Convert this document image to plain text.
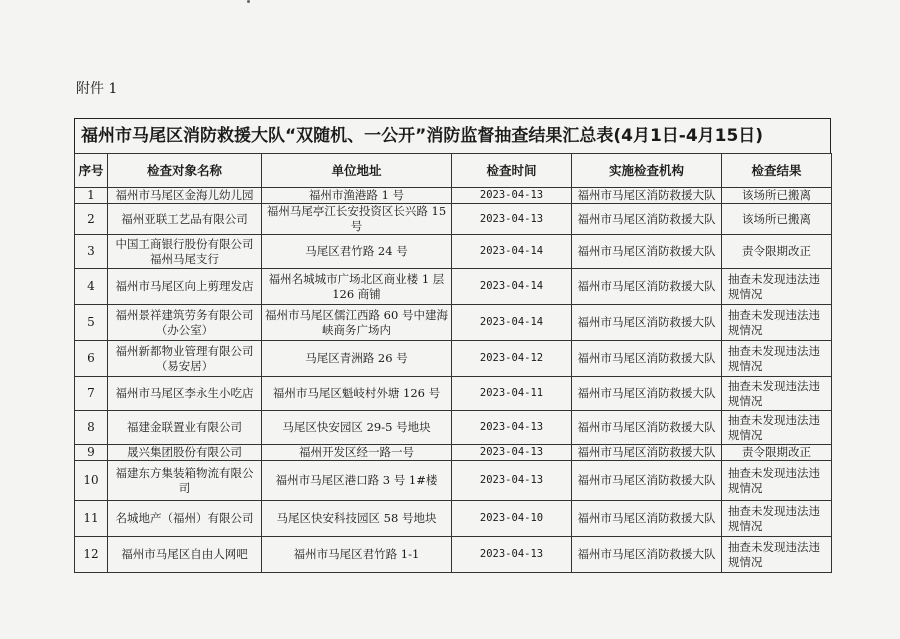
附件 1
福州市马尾区消防救援大队“双随机、一公开”消防监督抽查结果汇总表(4月1日-4月15日)
序号	检查对象名称	单位地址	检查时间	实施检查机构	检查结果
1	福州市马尾区金海儿幼儿园	福州市渔港路 1 号	2023-04-13	福州市马尾区消防救援大队	该场所已搬离
2	福州亚联工艺品有限公司	福州马尾亭江长安投资区长兴路 15 号	2023-04-13	福州市马尾区消防救援大队	该场所已搬离
3	中国工商银行股份有限公司福州马尾支行	马尾区君竹路 24 号	2023-04-14	福州市马尾区消防救援大队	责令限期改正
4	福州市马尾区向上剪理发店	福州名城城市广场北区商业楼 1 层 126 商铺	2023-04-14	福州市马尾区消防救援大队	抽查未发现违法违规情况
5	福州景祥建筑劳务有限公司（办公室）	福州市马尾区儒江西路 60 号中建海峡商务广场内	2023-04-14	福州市马尾区消防救援大队	抽查未发现违法违规情况
6	福州新都物业管理有限公司（易安居）	马尾区青洲路 26 号	2023-04-12	福州市马尾区消防救援大队	抽查未发现违法违规情况
7	福州市马尾区李永生小吃店	福州市马尾区魁岐村外塘 126 号	2023-04-11	福州市马尾区消防救援大队	抽查未发现违法违规情况
8	福建金联置业有限公司	马尾区快安园区 29-5 号地块	2023-04-13	福州市马尾区消防救援大队	抽查未发现违法违规情况
9	晟兴集团股份有限公司	福州开发区经一路一号	2023-04-13	福州市马尾区消防救援大队	责令限期改正
10	福建东方集装箱物流有限公司	福州市马尾区港口路 3 号 1#楼	2023-04-13	福州市马尾区消防救援大队	抽查未发现违法违规情况
11	名城地产（福州）有限公司	马尾区快安科技园区 58 号地块	2023-04-10	福州市马尾区消防救援大队	抽查未发现违法违规情况
12	福州市马尾区自由人网吧	福州市马尾区君竹路 1-1	2023-04-13	福州市马尾区消防救援大队	抽查未发现违法违规情况
